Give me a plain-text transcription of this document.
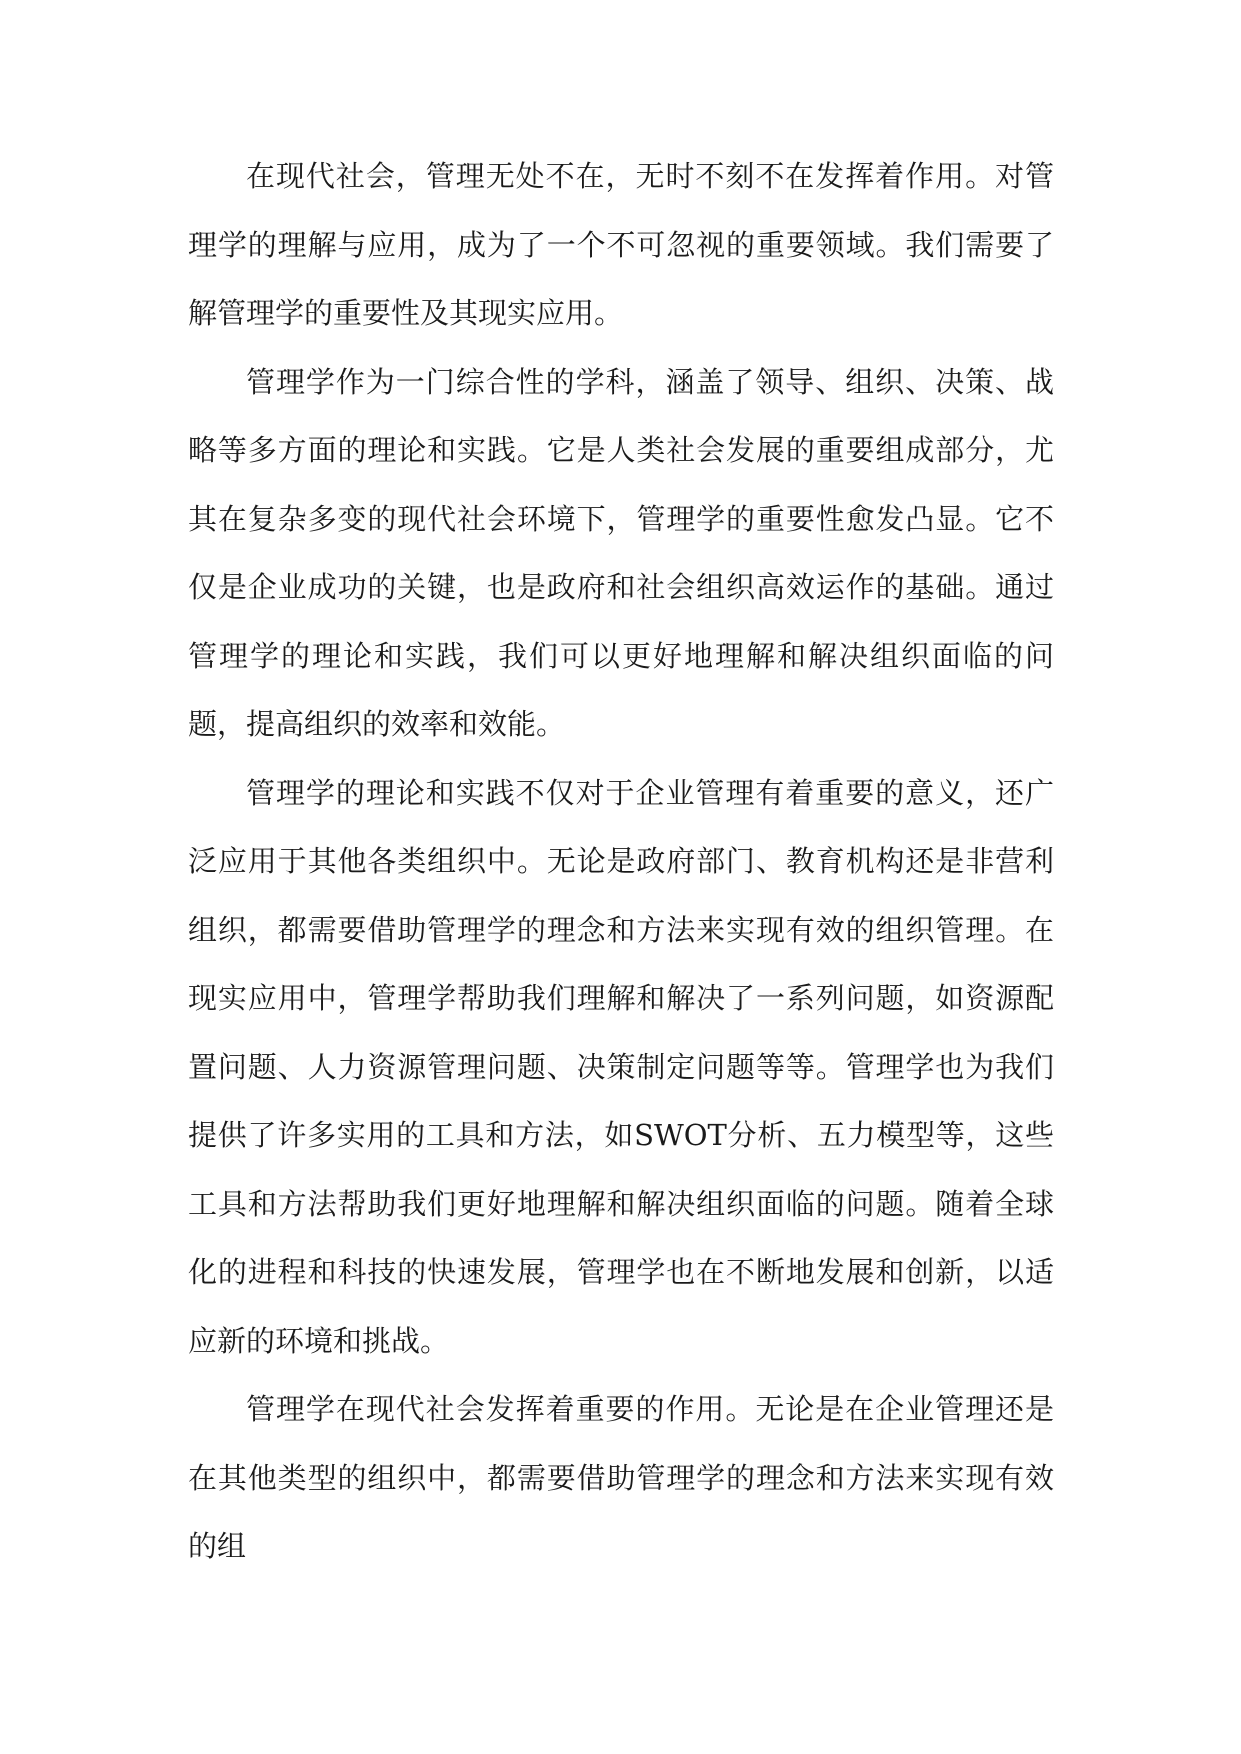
在现代社会，管理无处不在，无时不刻不在发挥着作用。对管理学的理解与应用，成为了一个不可忽视的重要领域。我们需要了解管理学的重要性及其现实应用。

管理学作为一门综合性的学科，涵盖了领导、组织、决策、战略等多方面的理论和实践。它是人类社会发展的重要组成部分，尤其在复杂多变的现代社会环境下，管理学的重要性愈发凸显。它不仅是企业成功的关键，也是政府和社会组织高效运作的基础。通过管理学的理论和实践，我们可以更好地理解和解决组织面临的问题，提高组织的效率和效能。

管理学的理论和实践不仅对于企业管理有着重要的意义，还广泛应用于其他各类组织中。无论是政府部门、教育机构还是非营利组织，都需要借助管理学的理念和方法来实现有效的组织管理。在现实应用中，管理学帮助我们理解和解决了一系列问题，如资源配置问题、人力资源管理问题、决策制定问题等等。管理学也为我们提供了许多实用的工具和方法，如SWOT分析、五力模型等，这些工具和方法帮助我们更好地理解和解决组织面临的问题。随着全球化的进程和科技的快速发展，管理学也在不断地发展和创新，以适应新的环境和挑战。

管理学在现代社会发挥着重要的作用。无论是在企业管理还是在其他类型的组织中，都需要借助管理学的理念和方法来实现有效的组
